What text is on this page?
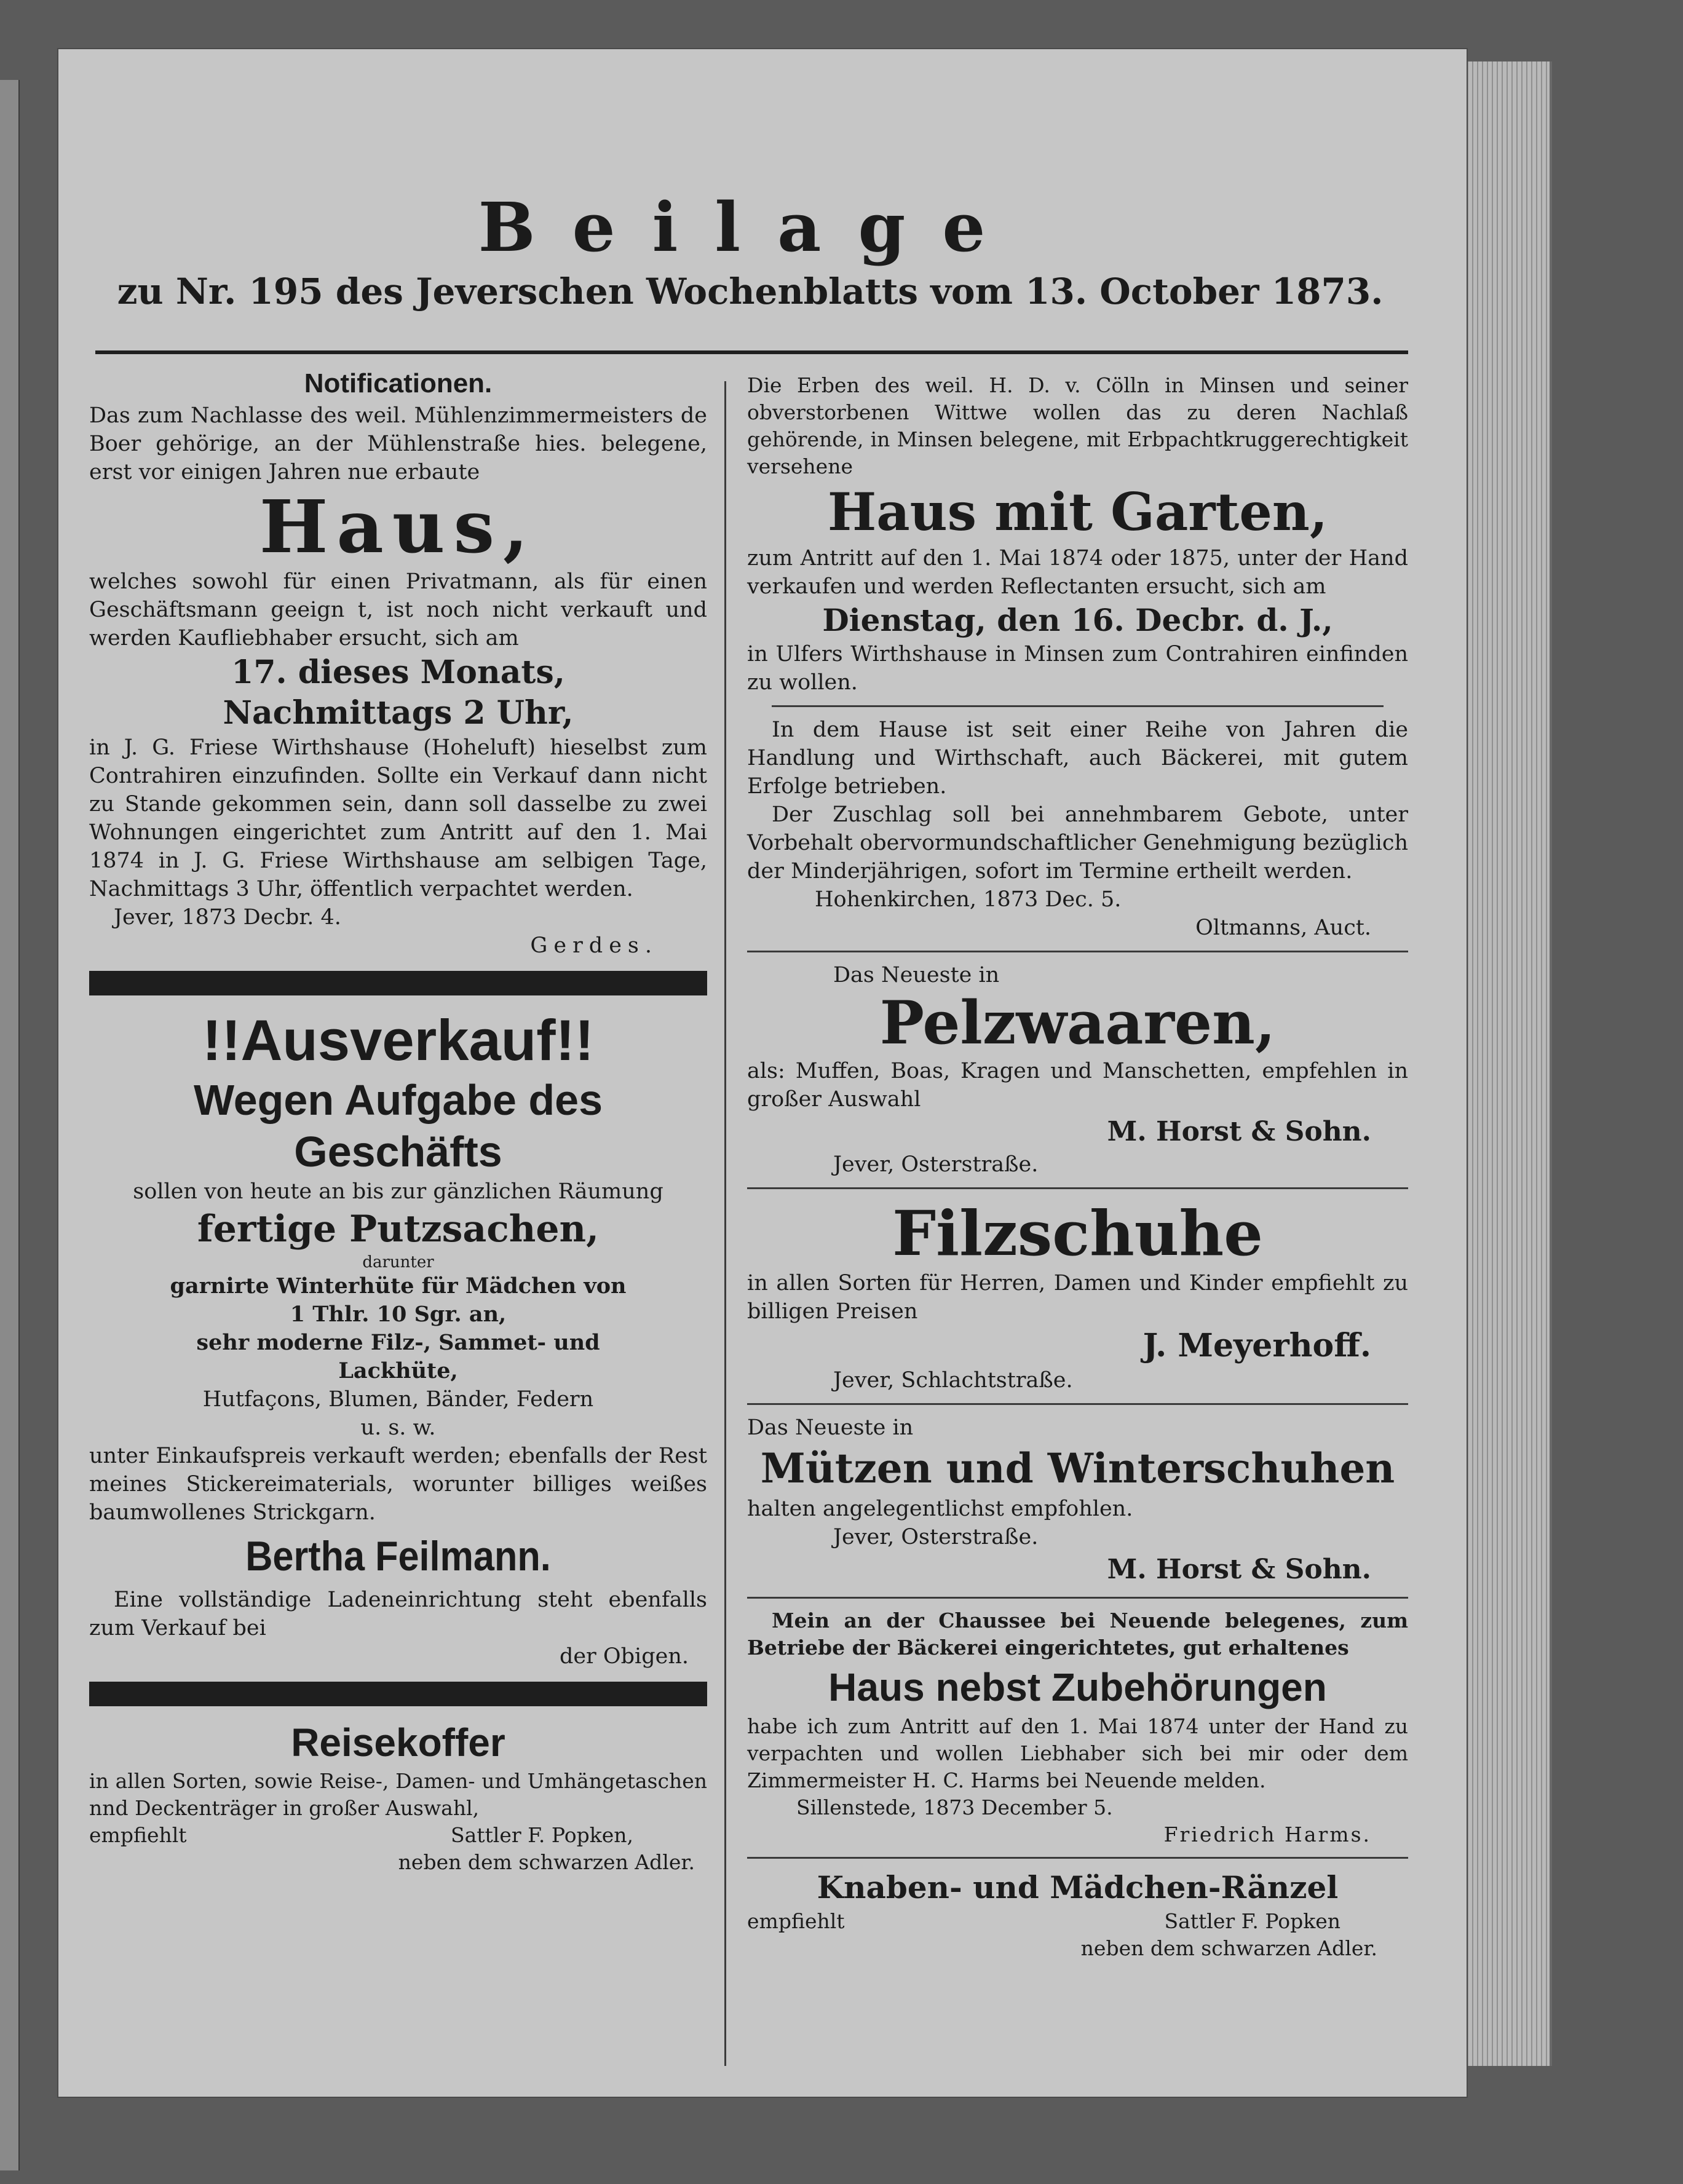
Beilage
zu Nr. 195 des Jeverschen Wochenblatts vom 13. October 1873.
Notificationen.
Das zum Nachlasse des weil. Mühlenzimmermeisters de Boer gehörige, an der Mühlenstraße hies. belegene, erst vor einigen Jahren nue erbaute
Haus,
welches sowohl für einen Privatmann, als für einen Geschäftsmann geeign t, ist noch nicht verkauft und werden Kaufliebhaber ersucht, sich am
17. dieses Monats,
Nachmittags 2 Uhr,
in J. G. Friese Wirthshause (Hoheluft) hieselbst zum Contrahiren einzufinden. Sollte ein Verkauf dann nicht zu Stande gekommen sein, dann soll dasselbe zu zwei Wohnungen eingerichtet zum Antritt auf den 1. Mai 1874 in J. G. Friese Wirthshause am selbigen Tage, Nachmittags 3 Uhr, öffentlich verpachtet werden.
Jever, 1873 Decbr. 4.
Gerdes.
!!Ausverkauf!!
Wegen Aufgabe des Geschäfts
sollen von heute an bis zur gänzlichen Räumung
fertige Putzsachen,
darunter
garnirte Winterhüte für Mädchen von
1 Thlr. 10 Sgr. an,
sehr moderne Filz-, Sammet- und
Lackhüte,
Hutfaçons, Blumen, Bänder, Federn
u. s. w.
unter Einkaufspreis verkauft werden; ebenfalls der Rest meines Stickereimaterials, worunter billiges weißes baumwollenes Strickgarn.
Bertha Feilmann.
Eine vollständige Ladeneinrichtung steht ebenfalls zum Verkauf bei
der Obigen.
Reisekoffer
in allen Sorten, sowie Reise-, Damen- und Umhängetaschen nnd Deckenträger in großer Auswahl,
empfiehlt	Sattler F. Popken,
neben dem schwarzen Adler.
Die Erben des weil. H. D. v. Cölln in Minsen und seiner obverstorbenen Wittwe wollen das zu deren Nachlaß gehörende, in Minsen belegene, mit Erbpachtkruggerechtigkeit versehene
Haus mit Garten,
zum Antritt auf den 1. Mai 1874 oder 1875, unter der Hand verkaufen und werden Reflectanten ersucht, sich am
Dienstag, den 16. Decbr. d. J.,
in Ulfers Wirthshause in Minsen zum Contrahiren einfinden zu wollen.
In dem Hause ist seit einer Reihe von Jahren die Handlung und Wirthschaft, auch Bäckerei, mit gutem Erfolge betrieben.
Der Zuschlag soll bei annehmbarem Gebote, unter Vorbehalt obervormundschaftlicher Genehmigung bezüglich der Minderjährigen, sofort im Termine ertheilt werden.
Hohenkirchen, 1873 Dec. 5.
Oltmanns, Auct.
Das Neueste in
Pelzwaaren,
als: Muffen, Boas, Kragen und Manschetten, empfehlen in großer Auswahl
M. Horst & Sohn.
Jever, Osterstraße.
Filzschuhe
in allen Sorten für Herren, Damen und Kinder empfiehlt zu billigen Preisen
J. Meyerhoff.
Jever, Schlachtstraße.
Das Neueste in
Mützen und Winterschuhen
halten angelegentlichst empfohlen.
Jever, Osterstraße.
M. Horst & Sohn.
Mein an der Chaussee bei Neuende belegenes, zum Betriebe der Bäckerei eingerichtetes, gut erhaltenes
Haus nebst Zubehörungen
habe ich zum Antritt auf den 1. Mai 1874 unter der Hand zu verpachten und wollen Liebhaber sich bei mir oder dem Zimmermeister H. C. Harms bei Neuende melden.
Sillenstede, 1873 December 5.
Friedrich Harms.
Knaben- und Mädchen-Ränzel
empfiehlt	Sattler F. Popken
neben dem schwarzen Adler.
